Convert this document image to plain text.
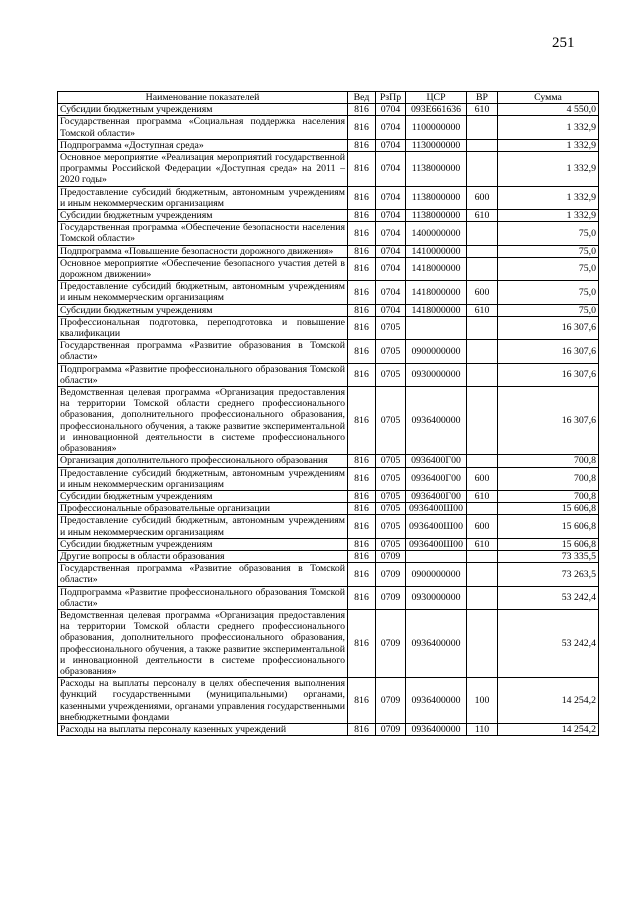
251
Наименование показателей	Вед	РзПр	ЦСР	ВР	Сумма
Субсидии бюджетным учреждениям	816	0704	093Е661636	610	4 550,0
Государственная программа «Социальная поддержка населения Томской области»	816	0704	1100000000		1 332,9
Подпрограмма «Доступная среда»	816	0704	1130000000		1 332,9
Основное мероприятие «Реализация мероприятий государственной программы Российской Федерации «Доступная среда» на 2011 – 2020 годы»	816	0704	1138000000		1 332,9
Предоставление субсидий бюджетным, автономным учреждениям и иным некоммерческим организациям	816	0704	1138000000	600	1 332,9
Субсидии бюджетным учреждениям	816	0704	1138000000	610	1 332,9
Государственная программа «Обеспечение безопасности населения Томской области»	816	0704	1400000000		75,0
Подпрограмма «Повышение безопасности дорожного движения»	816	0704	1410000000		75,0
Основное мероприятие «Обеспечение безопасного участия детей в дорожном движении»	816	0704	1418000000		75,0
Предоставление субсидий бюджетным, автономным учреждениям и иным некоммерческим организациям	816	0704	1418000000	600	75,0
Субсидии бюджетным учреждениям	816	0704	1418000000	610	75,0
Профессиональная подготовка, переподготовка и повышение квалификации	816	0705			16 307,6
Государственная программа «Развитие образования в Томской области»	816	0705	0900000000		16 307,6
Подпрограмма «Развитие профессионального образования Томской области»	816	0705	0930000000		16 307,6
Ведомственная целевая программа «Организация предоставления на территории Томской области среднего профессионального образования, дополнительного профессионального образования, профессионального обучения, а также развитие экспериментальной и инновационной деятельности в системе профессионального образования»	816	0705	0936400000		16 307,6
Организация дополнительного профессионального образования	816	0705	0936400Г00		700,8
Предоставление субсидий бюджетным, автономным учреждениям и иным некоммерческим организациям	816	0705	0936400Г00	600	700,8
Субсидии бюджетным учреждениям	816	0705	0936400Г00	610	700,8
Профессиональные образовательные организации	816	0705	0936400Ш00		15 606,8
Предоставление субсидий бюджетным, автономным учреждениям и иным некоммерческим организациям	816	0705	0936400Ш00	600	15 606,8
Субсидии бюджетным учреждениям	816	0705	0936400Ш00	610	15 606,8
Другие вопросы в области образования	816	0709			73 335,5
Государственная программа «Развитие образования в Томской области»	816	0709	0900000000		73 263,5
Подпрограмма «Развитие профессионального образования Томской области»	816	0709	0930000000		53 242,4
Ведомственная целевая программа «Организация предоставления на территории Томской области среднего профессионального образования, дополнительного профессионального образования, профессионального обучения, а также развитие экспериментальной и инновационной деятельности в системе профессионального образования»	816	0709	0936400000		53 242,4
Расходы на выплаты персоналу в целях обеспечения выполнения функций государственными (муниципальными) органами, казенными учреждениями, органами управления государственными внебюджетными фондами	816	0709	0936400000	100	14 254,2
Расходы на выплаты персоналу казенных учреждений	816	0709	0936400000	110	14 254,2
